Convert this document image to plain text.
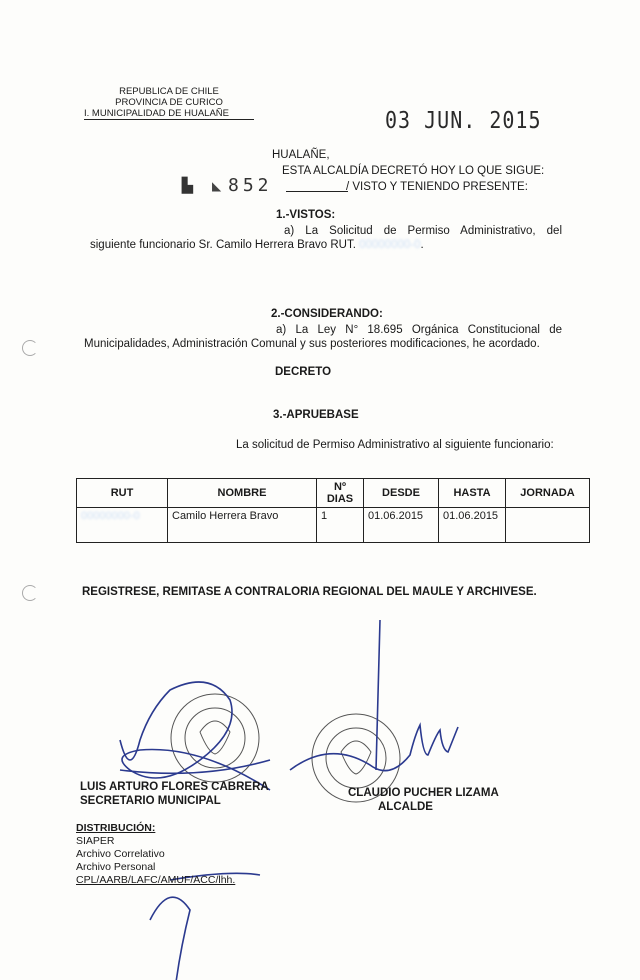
REPUBLICA DE CHILE
PROVINCIA DE CURICO
I. MUNICIPALIDAD DE HUALAÑE	03 JUN. 2015
HUALAÑE,
ESTA ALCALDÍA DECRETÓ HOY LO QUE SIGUE:
▙ ◣ 852	/ VISTO Y TENIENDO PRESENTE:
1.-VISTOS:
a) La Solicitud de Permiso Administrativo, del siguiente funcionario Sr. Camilo Herrera Bravo RUT. 00000000-0.
2.-CONSIDERANDO:
a) La Ley N° 18.695 Orgánica Constitucional de Municipalidades, Administración Comunal y sus posteriores modificaciones, he acordado.
DECRETO
3.-APRUEBASE
La solicitud de Permiso Administrativo al siguiente funcionario:
RUT	NOMBRE	Nº DIAS	DESDE	HASTA	JORNADA
00000000-0	Camilo Herrera Bravo	1	01.06.2015	01.06.2015	
REGISTRESE, REMITASE A CONTRALORIA REGIONAL DEL MAULE Y ARCHIVESE.
LUIS ARTURO FLORES CABRERA
SECRETARIO MUNICIPAL
CLAUDIO PUCHER LIZAMA
ALCALDE
DISTRIBUCIÓN:
SIAPER
Archivo Correlativo
Archivo Personal
CPL/AARB/LAFC/AMUF/ACC/lhh.
